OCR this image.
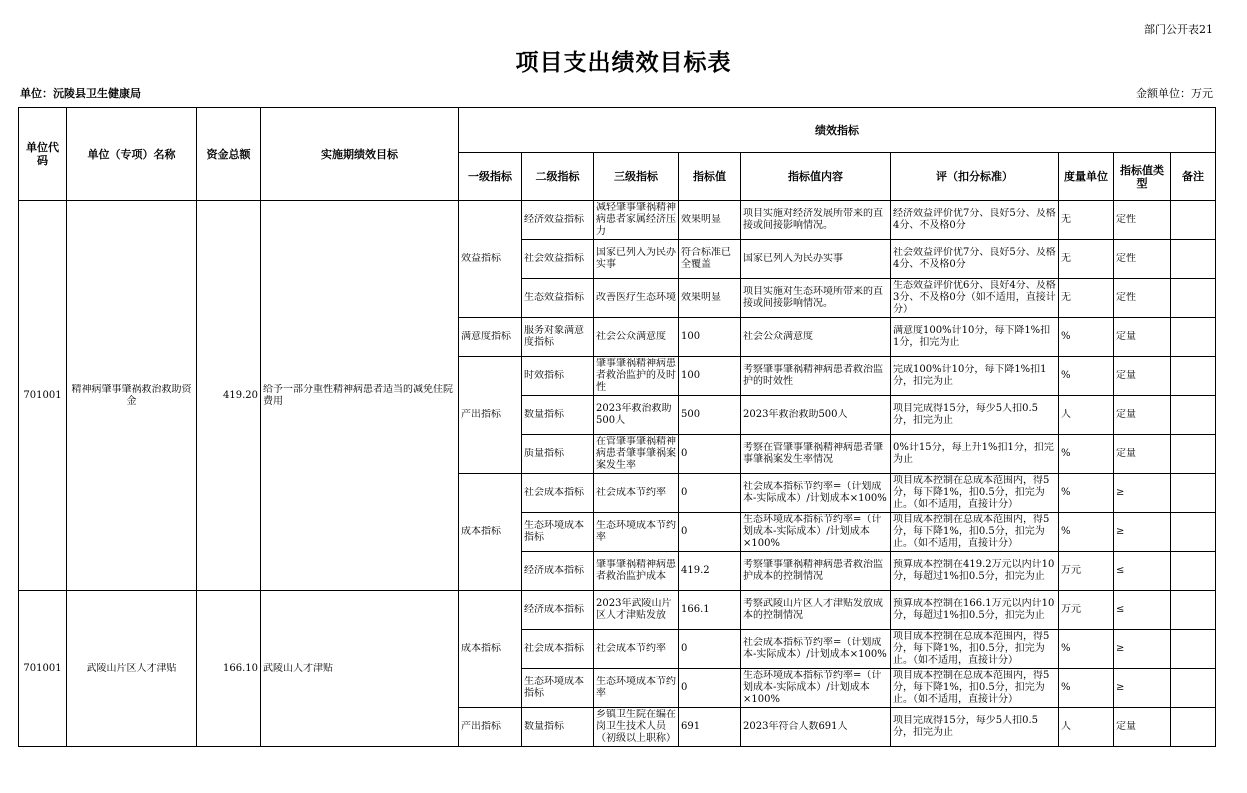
部门公开表21
项目支出绩效目标表
单位：沅陵县卫生健康局	金额单位：万元
单位代码	单位（专项）名称	资金总额	实施期绩效目标	绩效指标								
				一级指标	二级指标	三级指标	指标值	指标值内容	评（扣分标准）	度量单位	指标值类型	备注

701001	精神病肇事肇祸救治救助资金	419.20	给予一部分重性精神病患者适当的减免住院费用	效益指标	经济效益指标	减轻肇事肇祸精神病患者家属经济压力	效果明显	项目实施对经济发展所带来的直接或间接影响情况。	经济效益评价优7分、良好5分、及格4分、不及格0分	无	定性	

					社会效益指标	国家已列入为民办实事	符合标准已全覆盖	国家已列入为民办实事	社会效益评价优7分、良好5分、及格4分、不及格0分	无	定性	

					生态效益指标	改善医疗生态环境	效果明显	项目实施对生态环境所带来的直接或间接影响情况。	生态效益评价优6分、良好4分、及格3分、不及格0分（如不适用，直接计分）	无	定性	

				满意度指标	服务对象满意度指标	社会公众满意度	100	社会公众满意度	满意度100%计10分，每下降1%扣1分，扣完为止	%	定量	

				产出指标	时效指标	肇事肇祸精神病患者救治监护的及时性	100	考察肇事肇祸精神病患者救治监护的时效性	完成100%计10分，每下降1%扣1分，扣完为止	%	定量	

					数量指标	2023年救治救助500人	500	2023年救治救助500人	项目完成得15分，每少5人扣0.5分，扣完为止	人	定量	

					质量指标	在管肇事肇祸精神病患者肇事肇祸案案发生率	0	考察在管肇事肇祸精神病患者肇事肇祸案发生率情况	0%计15分，每上升1%扣1分，扣完为止	%	定量	

				成本指标	社会成本指标	社会成本节约率	0	社会成本指标节约率=（计划成本-实际成本）/计划成本×100%	项目成本控制在总成本范围内，得5分，每下降1%，扣0.5分，扣完为止。（如不适用，直接计分）	%	≥	

					生态环境成本指标	生态环境成本节约率	0	生态环境成本指标节约率=（计划成本-实际成本）/计划成本×100%	项目成本控制在总成本范围内，得5分，每下降1%，扣0.5分，扣完为止。（如不适用，直接计分）	%	≥	

					经济成本指标	肇事肇祸精神病患者救治监护成本	419.2	考察肇事肇祸精神病患者救治监护成本的控制情况	预算成本控制在419.2万元以内计10分，每超过1%扣0.5分，扣完为止	万元	≤	

701001	武陵山片区人才津贴	166.10	武陵山人才津贴	成本指标	经济成本指标	2023年武陵山片区人才津贴发放	166.1	考察武陵山片区人才津贴发放成本的控制情况	预算成本控制在166.1万元以内计10分，每超过1%扣0.5分，扣完为止	万元	≤	

					社会成本指标	社会成本节约率	0	社会成本指标节约率=（计划成本-实际成本）/计划成本×100%	项目成本控制在总成本范围内，得5分，每下降1%，扣0.5分，扣完为止。（如不适用，直接计分）	%	≥	

					生态环境成本指标	生态环境成本节约率	0	生态环境成本指标节约率=（计划成本-实际成本）/计划成本×100%	项目成本控制在总成本范围内，得5分，每下降1%，扣0.5分，扣完为止。（如不适用，直接计分）	%	≥	

				产出指标	数量指标	乡镇卫生院在编在岗卫生技术人员（初级以上职称）	691	2023年符合人数691人	项目完成得15分，每少5人扣0.5分，扣完为止	人	定量	
